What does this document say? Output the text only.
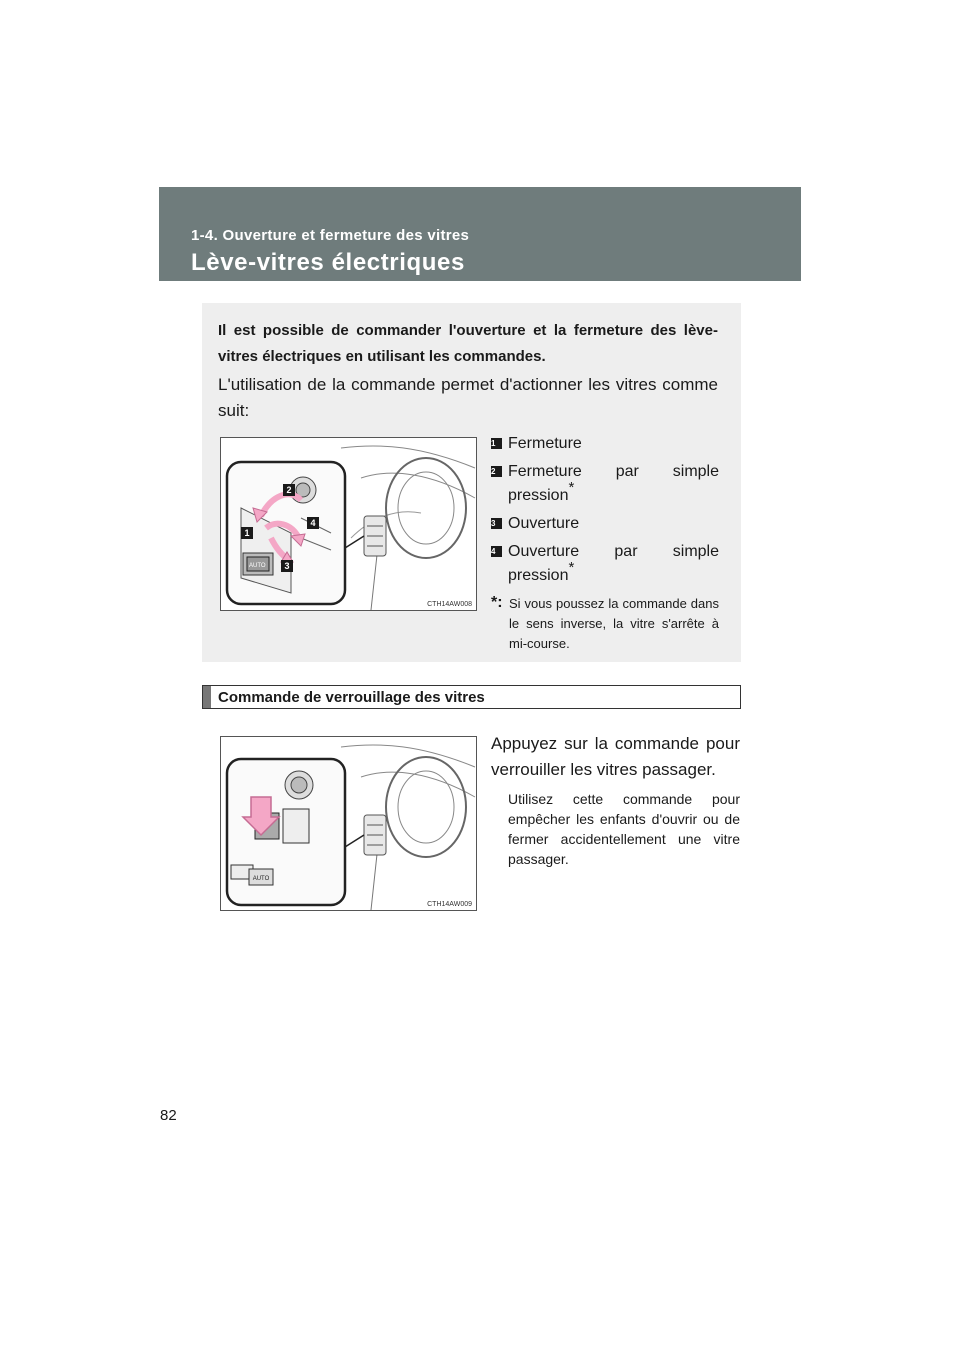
1-4. Ouverture et fermeture des vitres
Lève-vitres électriques
Il est possible de commander l'ouverture et la fermeture des lève-vitres électriques en utilisant les commandes.
L'utilisation de la commande permet d'actionner les vitres comme suit:
AUTO
1
2
3
4
CTH14AW008
1 Fermeture
2 Fermeture par simple pression*
3 Ouverture
4 Ouverture par simple pression*
*: Si vous poussez la commande dans le sens inverse, la vitre s'arrête à mi-course.
Commande de verrouillage des vitres
AUTO
CTH14AW009
Appuyez sur la commande pour verrouiller les vitres passager.
Utilisez cette commande pour empêcher les enfants d'ouvrir ou de fermer accidentellement une vitre passager.
82
